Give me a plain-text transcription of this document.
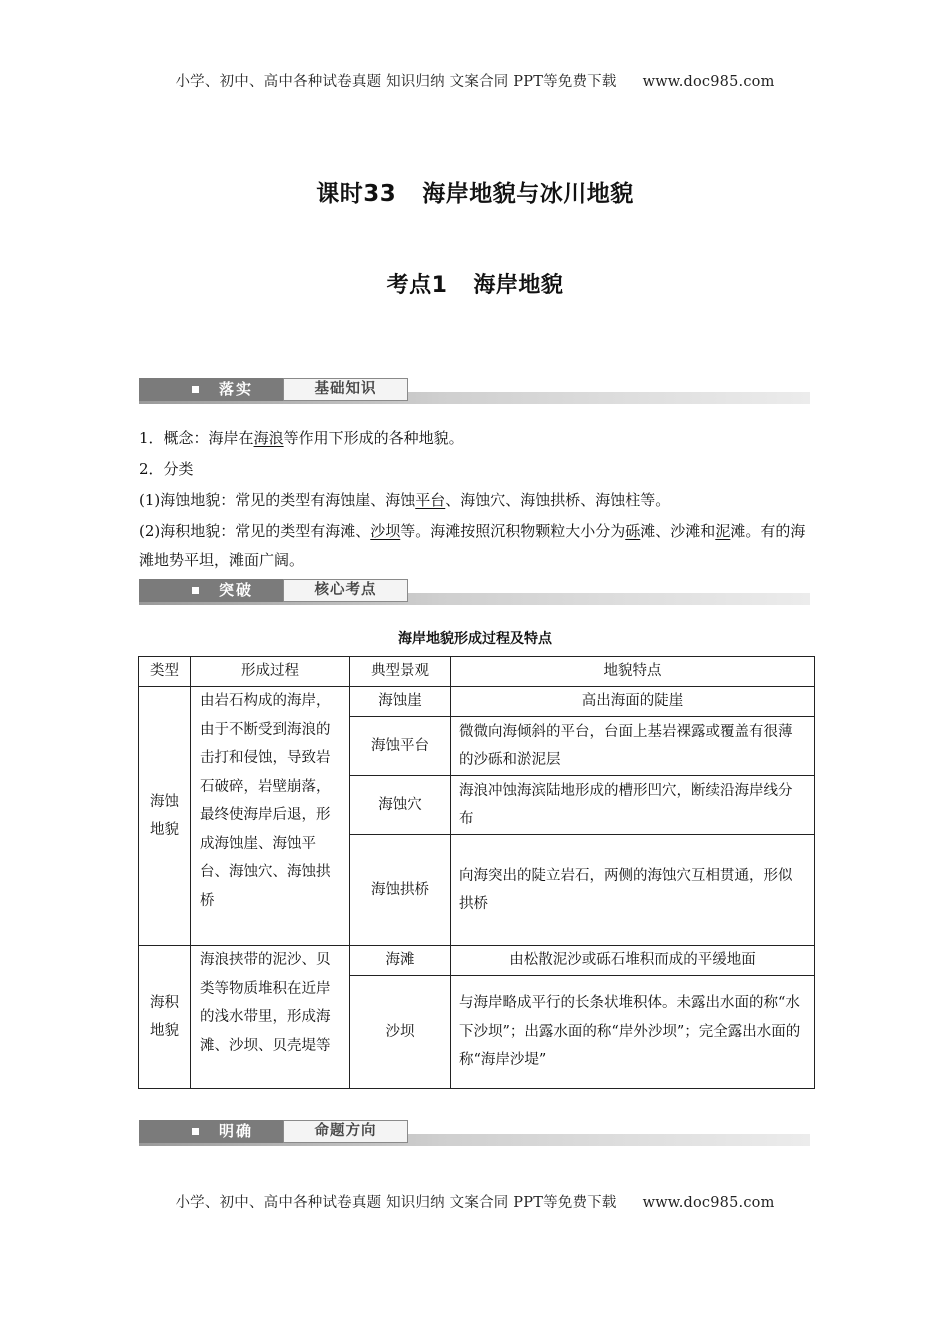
小学、初中、高中各种试卷真题 知识归纳 文案合同 PPT等免费下载 www.doc985.com
课时33 海岸地貌与冰川地貌
考点1 海岸地貌
落实	基础知识
1．概念：海岸在海浪等作用下形成的各种地貌。
2．分类
(1)海蚀地貌：常见的类型有海蚀崖、海蚀平台、海蚀穴、海蚀拱桥、海蚀柱等。
(2)海积地貌：常见的类型有海滩、沙坝等。海滩按照沉积物颗粒大小分为砾滩、沙滩和泥滩。有的海滩地势平坦，滩面广阔。
突破	核心考点
海岸地貌形成过程及特点
类型	形成过程	典型景观	地貌特点
海蚀地貌	由岩石构成的海岸，由于不断受到海浪的击打和侵蚀，导致岩石破碎，岩壁崩落，最终使海岸后退，形成海蚀崖、海蚀平台、海蚀穴、海蚀拱桥	海蚀崖	高出海面的陡崖
		海蚀平台	微微向海倾斜的平台，台面上基岩裸露或覆盖有很薄的沙砾和淤泥层
		海蚀穴	海浪冲蚀海滨陆地形成的槽形凹穴，断续沿海岸线分布
		海蚀拱桥	向海突出的陡立岩石，两侧的海蚀穴互相贯通，形似拱桥
海积地貌	海浪挟带的泥沙、贝类等物质堆积在近岸的浅水带里，形成海滩、沙坝、贝壳堤等	海滩	由松散泥沙或砾石堆积而成的平缓地面
		沙坝	与海岸略成平行的长条状堆积体。未露出水面的称“水下沙坝”；出露水面的称“岸外沙坝”；完全露出水面的称“海岸沙堤”
明确	命题方向
小学、初中、高中各种试卷真题 知识归纳 文案合同 PPT等免费下载 www.doc985.com
